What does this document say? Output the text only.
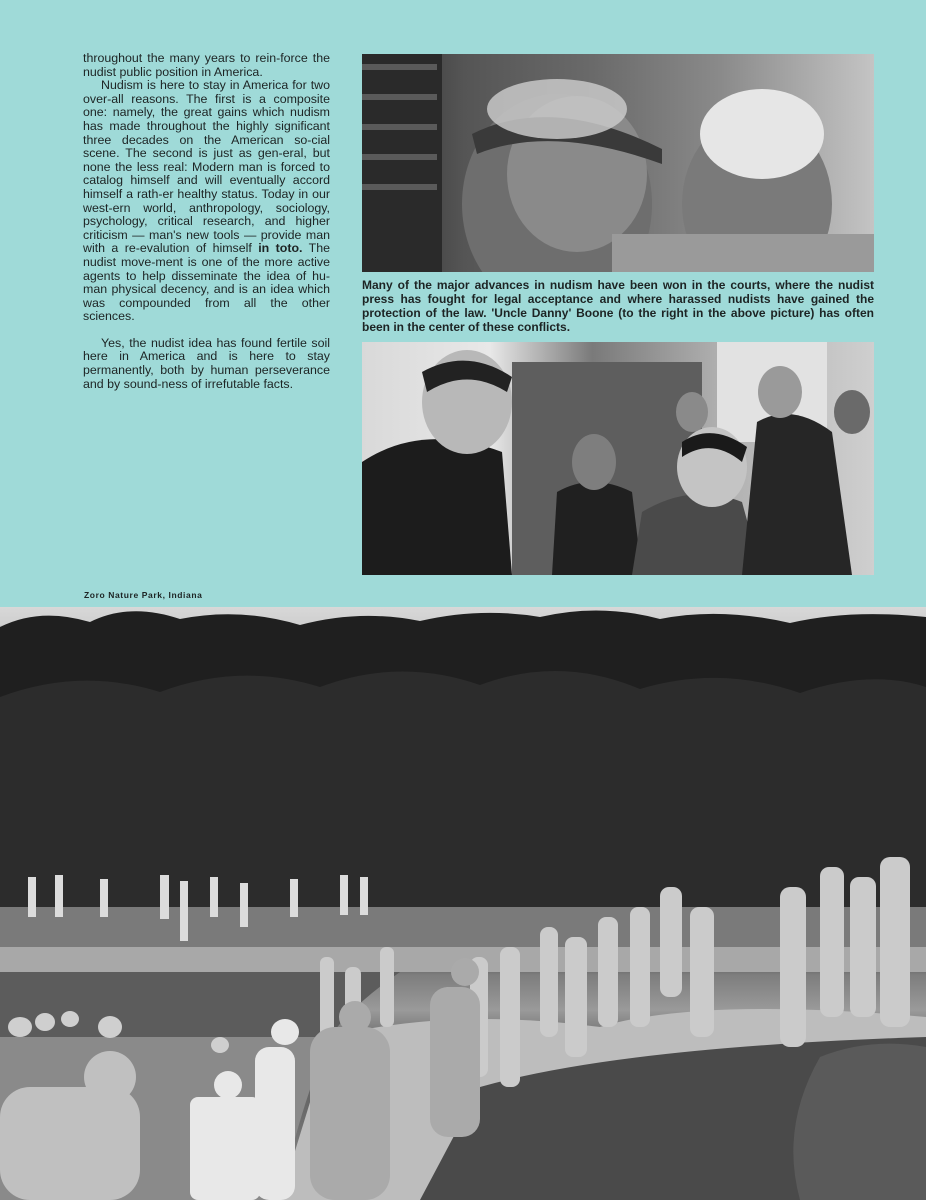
throughout the many years to rein-force the nudist public position in America.

Nudism is here to stay in America for two over-all reasons. The first is a composite one: namely, the great gains which nudism has made throughout the highly significant three decades on the American so-cial scene. The second is just as gen-eral, but none the less real: Modern man is forced to catalog himself and will eventually accord himself a rath-er healthy status. Today in our west-ern world, anthropology, sociology, psychology, critical research, and higher criticism — man's new tools — provide man with a re-evalution of himself in toto. The nudist move-ment is one of the more active agents to help disseminate the idea of hu-man physical decency, and is an idea which was compounded from all the other sciences.

Yes, the nudist idea has found fertile soil here in America and is here to stay permanently, both by human perseverance and by sound-ness of irrefutable facts.

Many of the major advances in nudism have been won in the courts, where the nudist press has fought for legal acceptance and where harassed nudists have gained the protection of the law. 'Uncle Danny' Boone (to the right in the above picture) has often been in the center of these conflicts.
Zoro Nature Park, Indiana
